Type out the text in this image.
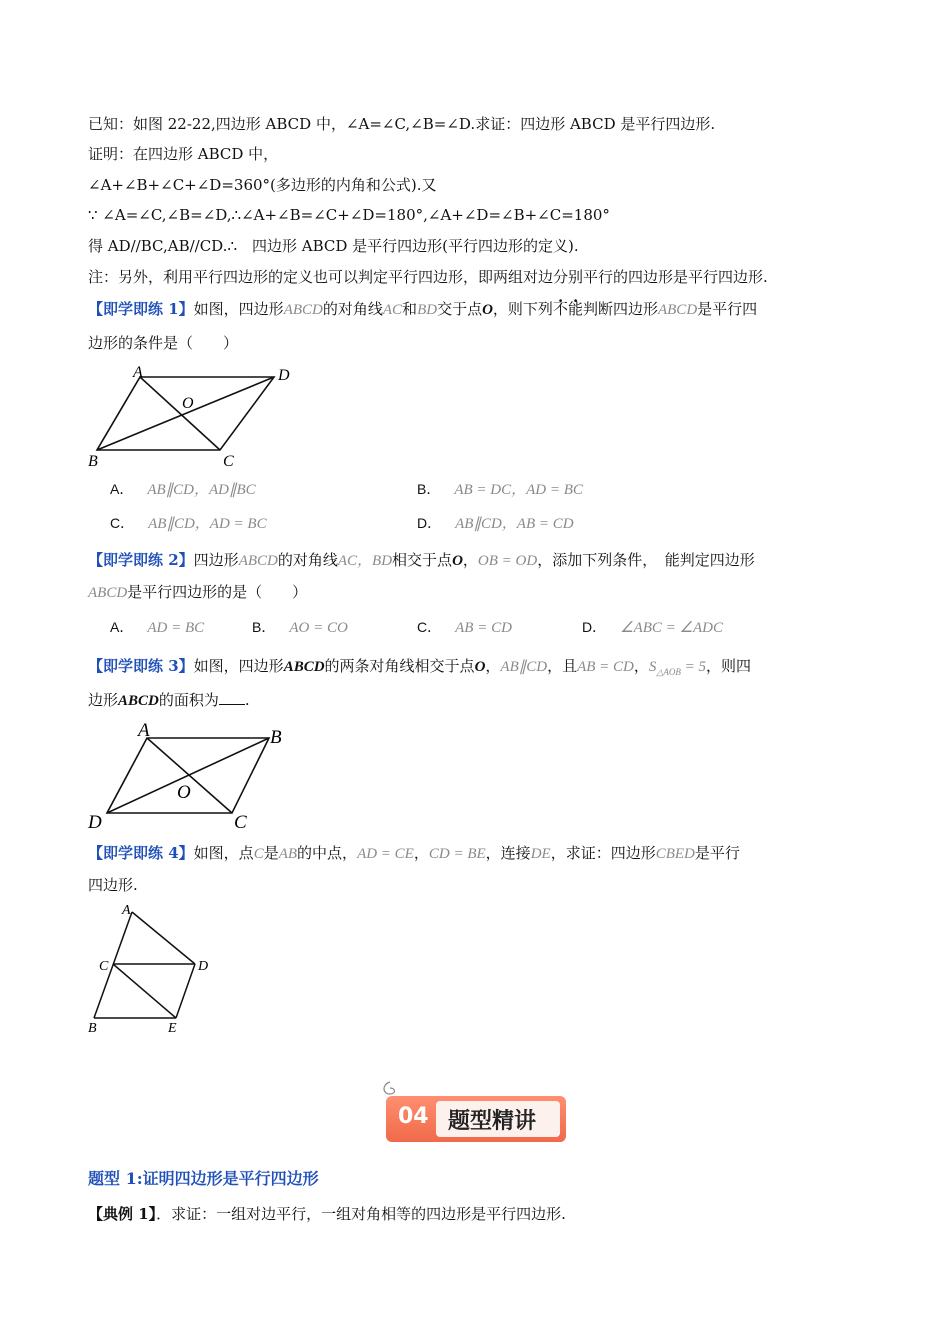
已知：如图 22-22,四边形 ABCD 中，∠A=∠C,∠B=∠D.求证：四边形 ABCD 是平行四边形.
证明：在四边形 ABCD 中，
∠A+∠B+∠C+∠D=360°(多边形的内角和公式).又
∵ ∠A=∠C,∠B=∠D,∴∠A+∠B=∠C+∠D=180°,∠A+∠D=∠B+∠C=180°
得 AD//BC,AB//CD.∴　四边形 ABCD 是平行四边形(平行四边形的定义).
注：另外，利用平行四边形的定义也可以判定平行四边形，即两组对边分别平行的四边形是平行四边形.
【即学即练 1】如图，四边形ABCD的对角线AC和BD交于点O，则下列不能判断四边形ABCD是平行四
边形的条件是（　　）
A	D
B	C
O
A． AB∥CD，AD∥BC	B． AB = DC，AD = BC
C． AB∥CD，AD = BC	D． AB∥CD，AB = CD
【即学即练 2】四边形ABCD的对角线AC，BD相交于点O，OB = OD，添加下列条件，　能判定四边形
ABCD是平行四边形的是（　　）
A． AD = BC	B． AO = CO	C． AB = CD	D． ∠ABC = ∠ADC
【即学即练 3】如图，四边形ABCD的两条对角线相交于点O，AB∥CD，且AB = CD，$S_{\triangle AOB} = 5$，则四
边形ABCD的面积为 .
A	B
D	C
O
【即学即练 4】如图，点C是AB的中点，AD = CE，CD = BE，连接DE，求证：四边形CBED是平行
四边形.
A
C	D
B	E
04 题型精讲
题型 1:证明四边形是平行四边形
【典例 1】．求证：一组对边平行，一组对角相等的四边形是平行四边形.
